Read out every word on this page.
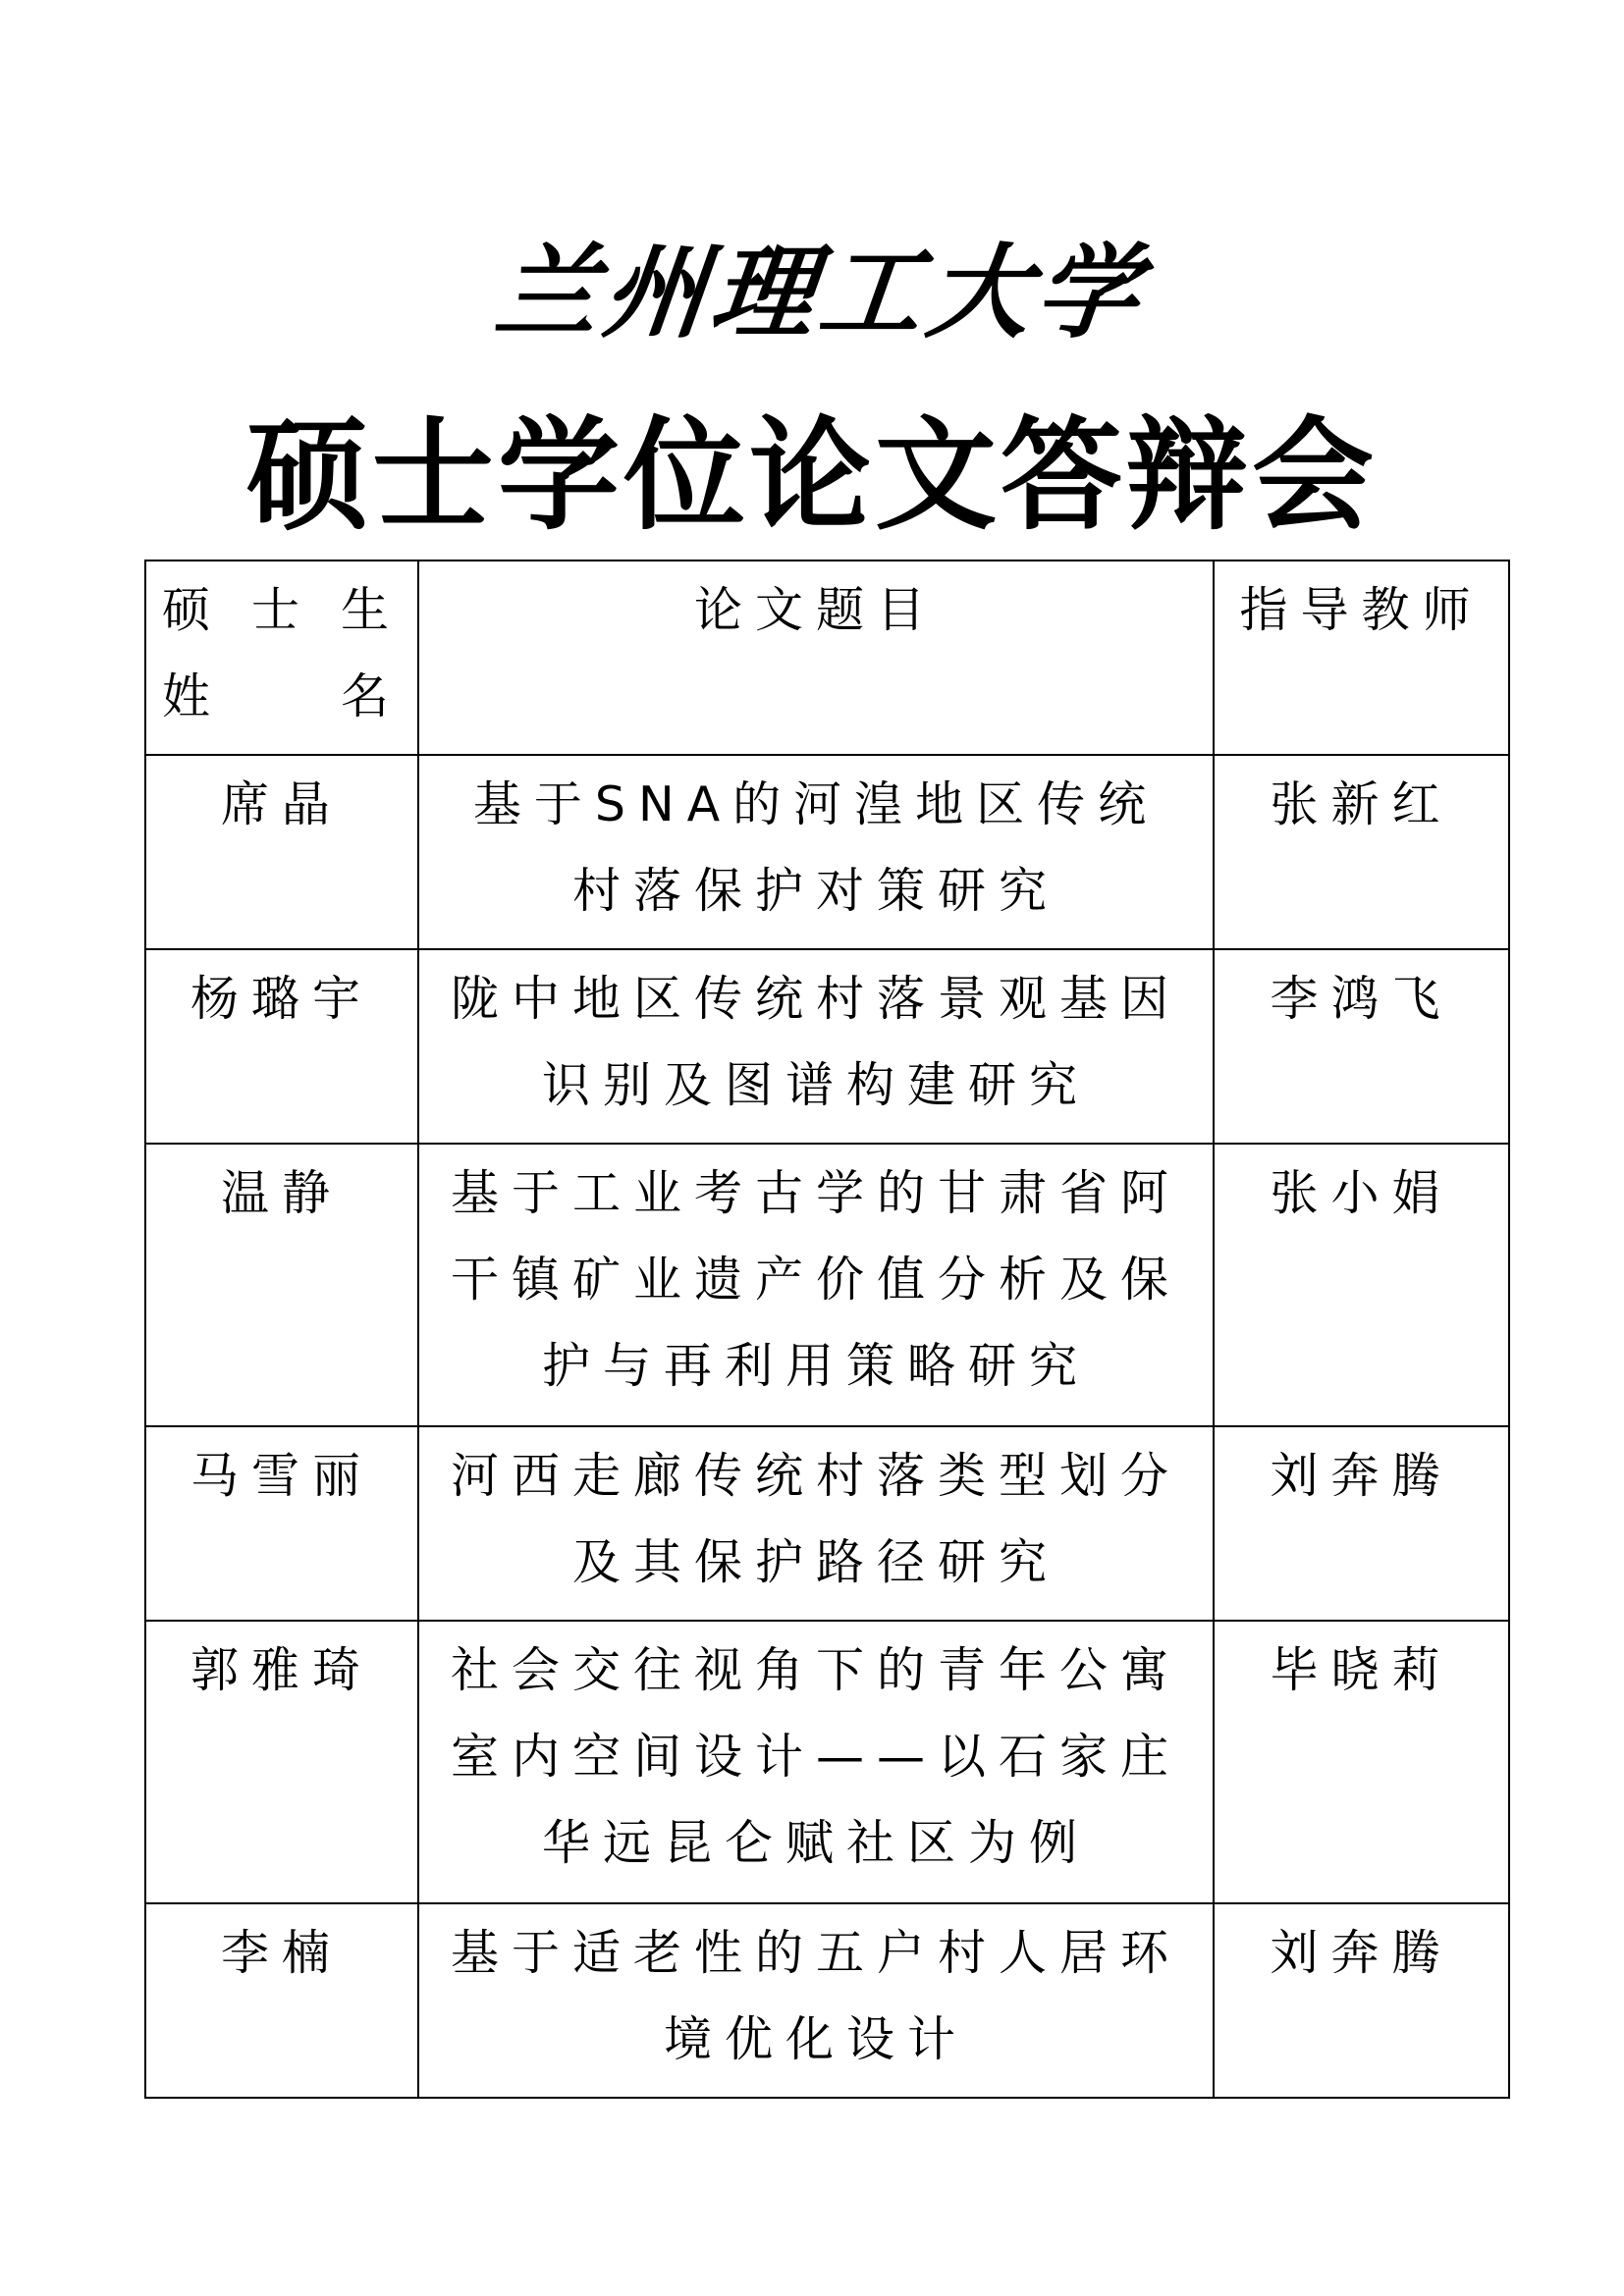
兰州理工大学
硕士学位论文答辩会
硕 士 生 姓 名	论文题目	指导教师
席晶	基于SNA的河湟地区传统村落保护对策研究	张新红
杨璐宇	陇中地区传统村落景观基因识别及图谱构建研究	李鸿飞
温静	基于工业考古学的甘肃省阿干镇矿业遗产价值分析及保护与再利用策略研究	张小娟
马雪丽	河西走廊传统村落类型划分及其保护路径研究	刘奔腾
郭雅琦	社会交往视角下的青年公寓室内空间设计——以石家庄华远昆仑赋社区为例	毕晓莉
李楠	基于适老性的五户村人居环境优化设计	刘奔腾
